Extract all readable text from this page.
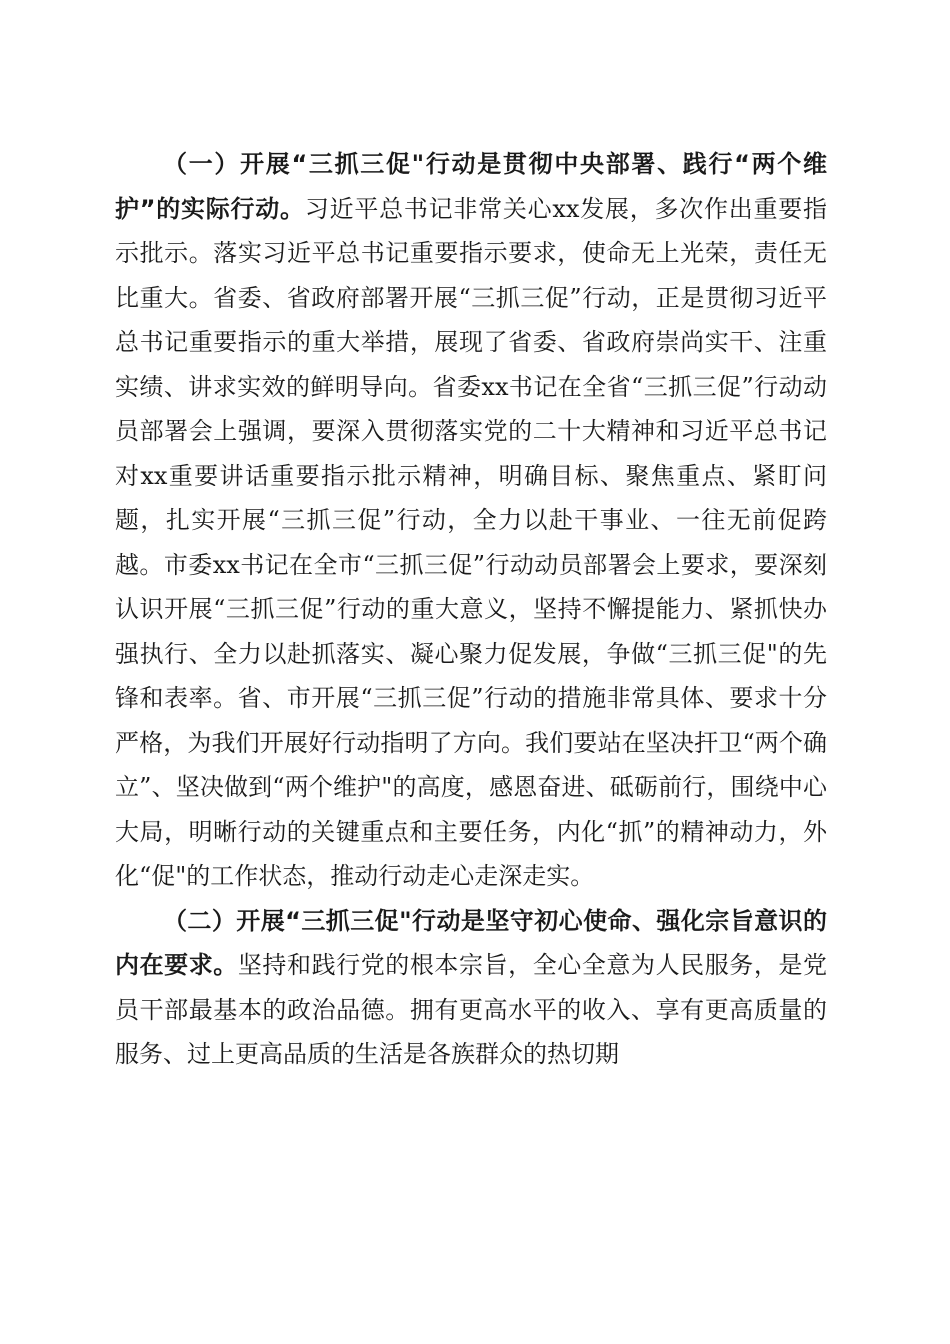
（一）开展“三抓三促"行动是贯彻中央部署、践行“两个维护”的实际行动。习近平总书记非常关心xx发展，多次作出重要指示批示。落实习近平总书记重要指示要求，使命无上光荣，责任无比重大。省委、省政府部署开展“三抓三促”行动，正是贯彻习近平总书记重要指示的重大举措，展现了省委、省政府崇尚实干、注重实绩、讲求实效的鲜明导向。省委xx书记在全省“三抓三促”行动动员部署会上强调，要深入贯彻落实党的二十大精神和习近平总书记对xx重要讲话重要指示批示精神，明确目标、聚焦重点、紧盯问题，扎实开展“三抓三促”行动，全力以赴干事业、一往无前促跨越。市委xx书记在全市“三抓三促”行动动员部署会上要求，要深刻认识开展“三抓三促”行动的重大意义，坚持不懈提能力、紧抓快办强执行、全力以赴抓落实、凝心聚力促发展，争做“三抓三促"的先锋和表率。省、市开展“三抓三促”行动的措施非常具体、要求十分严格，为我们开展好行动指明了方向。我们要站在坚决扞卫“两个确立”、坚决做到“两个维护"的高度，感恩奋进、砥砺前行，围绕中心大局，明晰行动的关键重点和主要任务，内化“抓”的精神动力，外化“促"的工作状态，推动行动走心走深走实。

（二）开展“三抓三促"行动是坚守初心使命、强化宗旨意识的内在要求。坚持和践行党的根本宗旨，全心全意为人民服务，是党员干部最基本的政治品德。拥有更高水平的收入、享有更高质量的服务、过上更高品质的生活是各族群众的热切期
